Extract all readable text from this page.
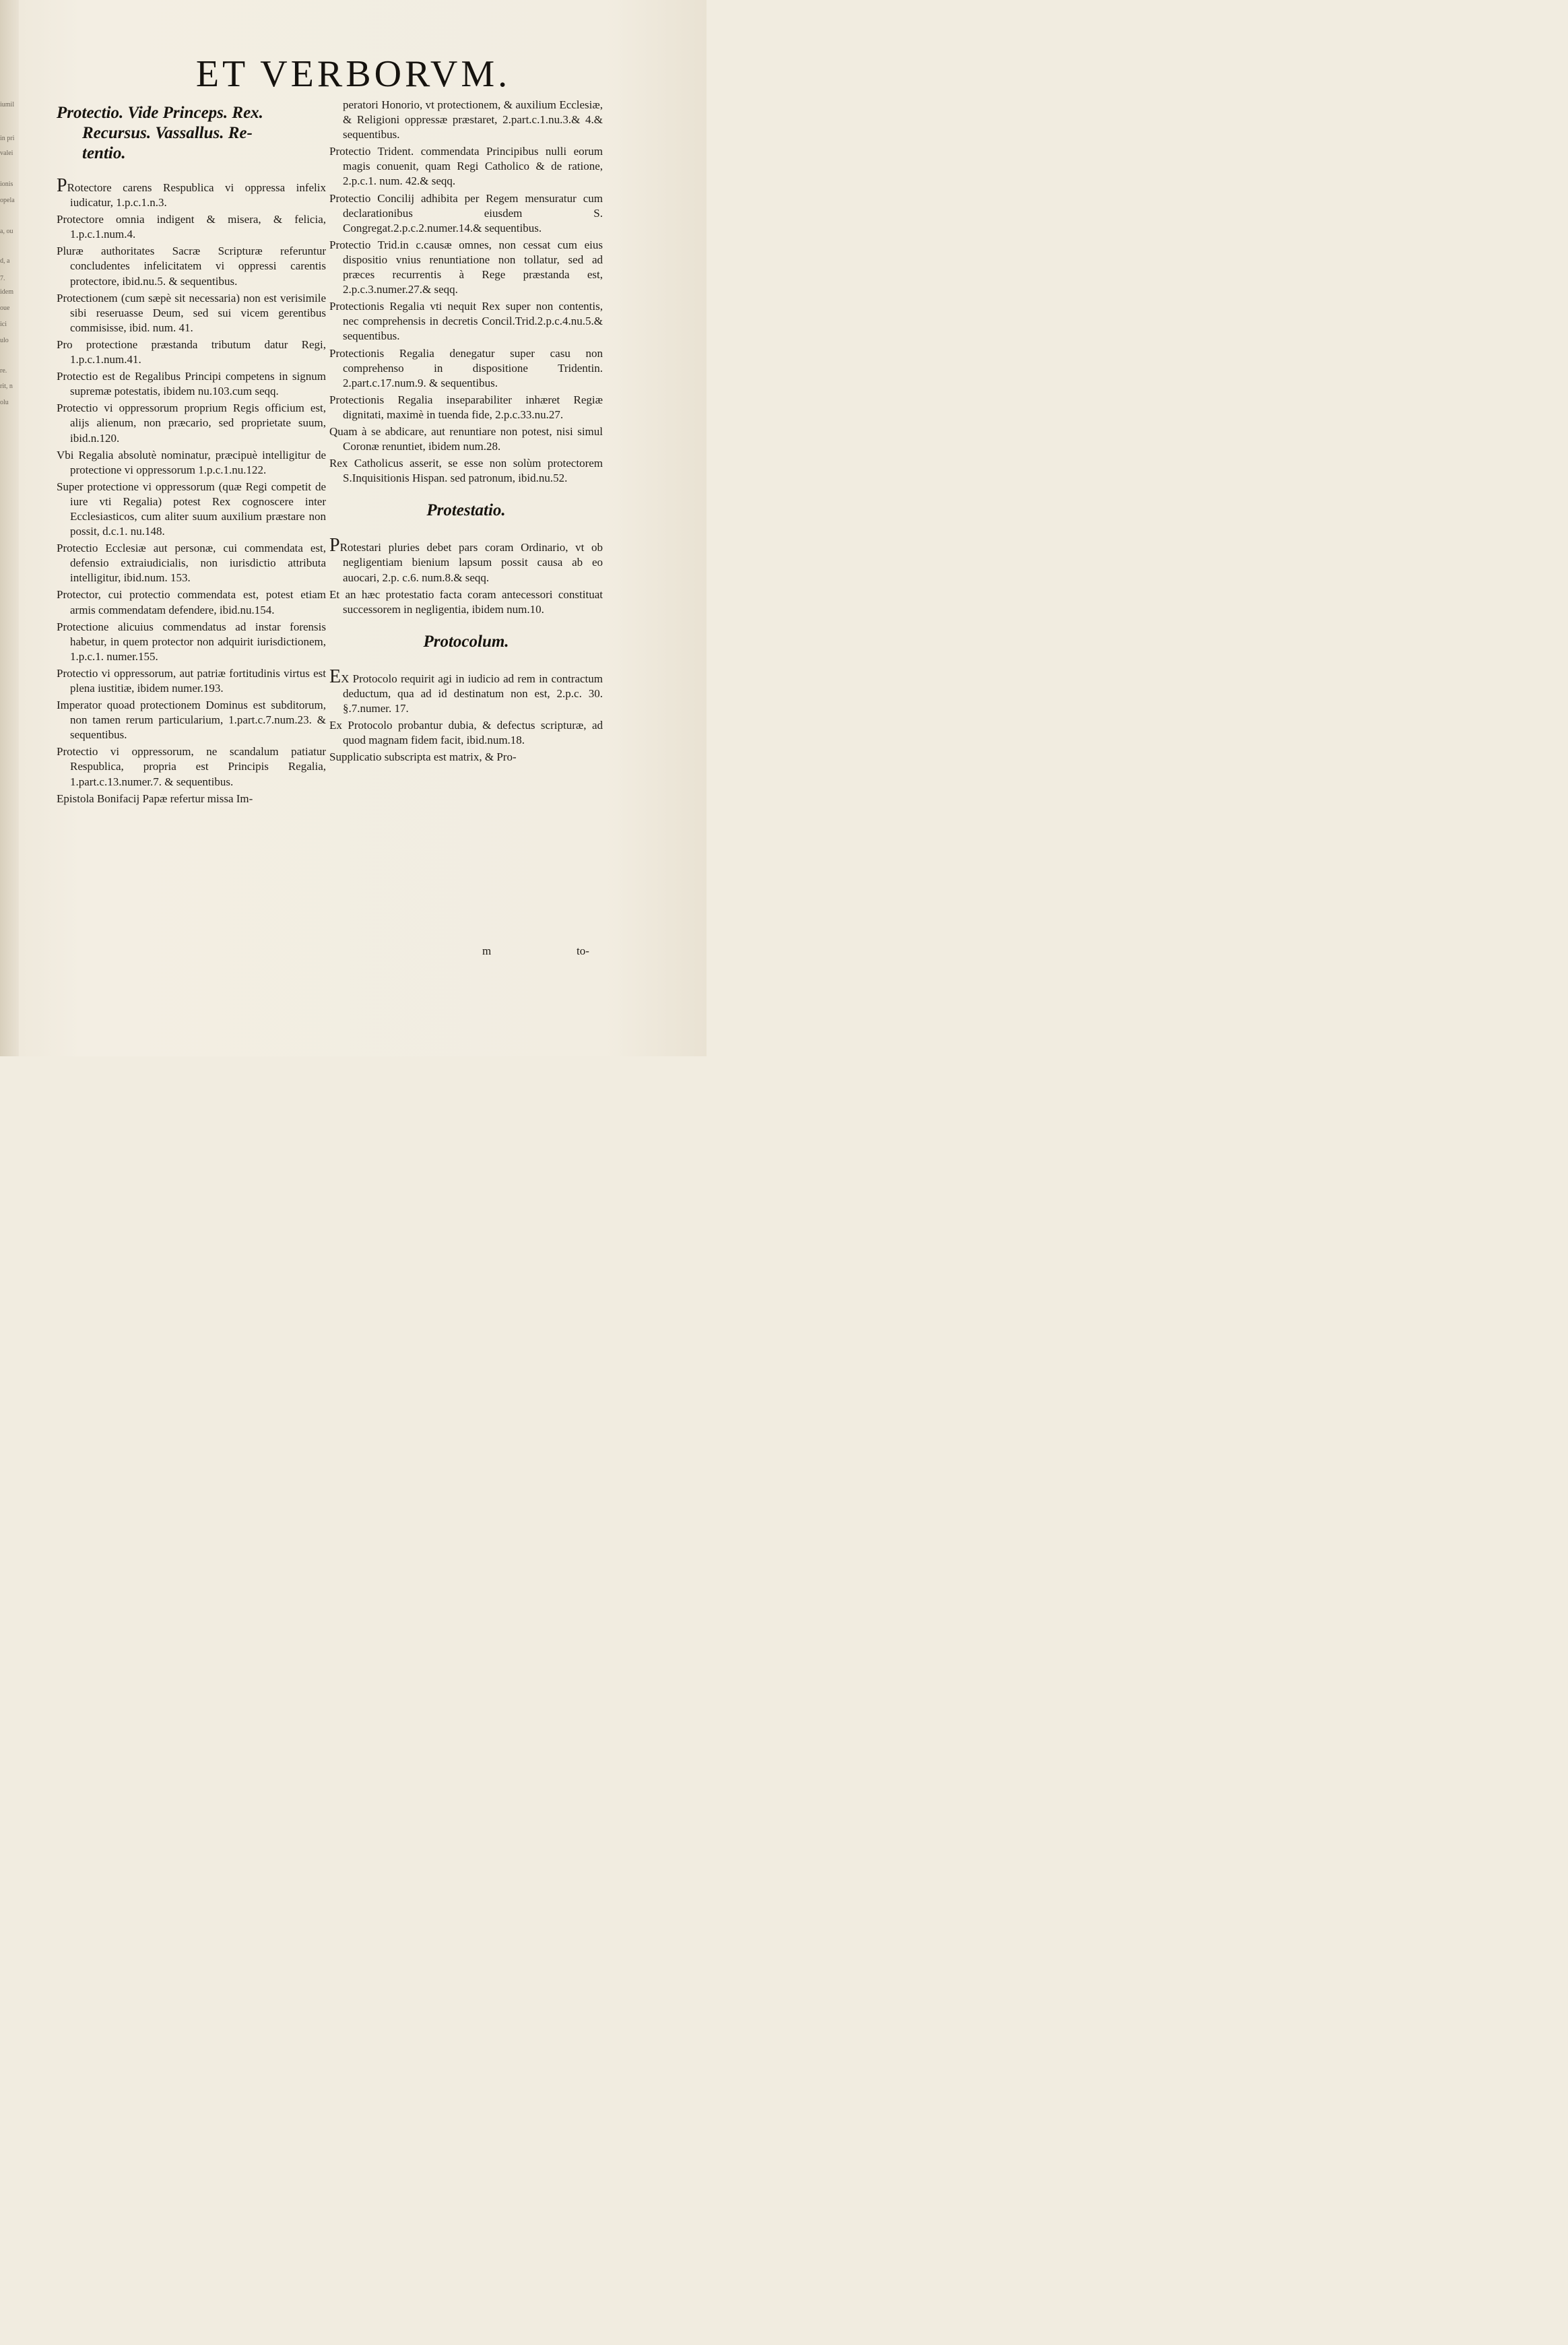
iumil
in pri
valei
ionis
opela
a, ou
d, a
7.
idem
oue
ici
ulo
re.
rit, n
olu
ET VERBORVM.
Protectio. Vide Princeps. Rex.
Recursus. Vassallus. Re-
tentio.

PRotectore carens Respublica vi oppressa infelix iudicatur, 1.p.c.1.n.3.

Protectore omnia indigent & misera, & felicia, 1.p.c.1.num.4.

Pluræ authoritates Sacræ Scripturæ referuntur concludentes infelicitatem vi oppressi carentis protectore, ibid.nu.5. & sequentibus.

Protectionem (cum sæpè sit necessaria) non est verisimile sibi reseruasse Deum, sed sui vicem gerentibus commisisse, ibid. num. 41.

Pro protectione præstanda tributum datur Regi, 1.p.c.1.num.41.

Protectio est de Regalibus Principi competens in signum supremæ potestatis, ibidem nu.103.cum seqq.

Protectio vi oppressorum proprium Regis officium est, alijs alienum, non præcario, sed proprietate suum, ibid.n.120.

Vbi Regalia absolutè nominatur, præcipuè intelligitur de protectione vi oppressorum 1.p.c.1.nu.122.

Super protectione vi oppressorum (quæ Regi competit de iure vti Regalia) potest Rex cognoscere inter Ecclesiasticos, cum aliter suum auxilium præstare non possit, d.c.1. nu.148.

Protectio Ecclesiæ aut personæ, cui commendata est, defensio extraiudicialis, non iurisdictio attributa intelligitur, ibid.num. 153.

Protector, cui protectio commendata est, potest etiam armis commendatam defendere, ibid.nu.154.

Protectione alicuius commendatus ad instar forensis habetur, in quem protector non adquirit iurisdictionem, 1.p.c.1. numer.155.

Protectio vi oppressorum, aut patriæ fortitudinis virtus est plena iustitiæ, ibidem numer.193.

Imperator quoad protectionem Dominus est subditorum, non tamen rerum particularium, 1.part.c.7.num.23. & sequentibus.

Protectio vi oppressorum, ne scandalum patiatur Respublica, propria est Principis Regalia, 1.part.c.13.numer.7. & sequentibus.

Epistola Bonifacij Papæ refertur missa Im-

peratori Honorio, vt protectionem, & auxilium Ecclesiæ, & Religioni oppressæ præstaret, 2.part.c.1.nu.3.& 4.& sequentibus.

Protectio Trident. commendata Principibus nulli eorum magis conuenit, quam Regi Catholico & de ratione, 2.p.c.1. num. 42.& seqq.

Protectio Concilij adhibita per Regem mensuratur cum declarationibus eiusdem S. Congregat.2.p.c.2.numer.14.& sequentibus.

Protectio Trid.in c.causæ omnes, non cessat cum eius dispositio vnius renuntiatione non tollatur, sed ad præces recurrentis à Rege præstanda est, 2.p.c.3.numer.27.& seqq.

Protectionis Regalia vti nequit Rex super non contentis, nec comprehensis in decretis Concil.Trid.2.p.c.4.nu.5.& sequentibus.

Protectionis Regalia denegatur super casu non comprehenso in dispositione Tridentin. 2.part.c.17.num.9. & sequentibus.

Protectionis Regalia inseparabiliter inhæret Regiæ dignitati, maximè in tuenda fide, 2.p.c.33.nu.27.

Quam à se abdicare, aut renuntiare non potest, nisi simul Coronæ renuntiet, ibidem num.28.

Rex Catholicus asserit, se esse non solùm protectorem S.Inquisitionis Hispan. sed patronum, ibid.nu.52.

Protestatio.

PRotestari pluries debet pars coram Ordinario, vt ob negligentiam bienium lapsum possit causa ab eo auocari, 2.p. c.6. num.8.& seqq.

Et an hæc protestatio facta coram antecessori constituat successorem in negligentia, ibidem num.10.

Protocolum.

EX Protocolo requirit agi in iudicio ad rem in contractum deductum, qua ad id destinatum non est, 2.p.c. 30. §.7.numer. 17.

Ex Protocolo probantur dubia, & defectus scripturæ, ad quod magnam fidem facit, ibid.num.18.

Supplicatio subscripta est matrix, & Pro-

m	to-
